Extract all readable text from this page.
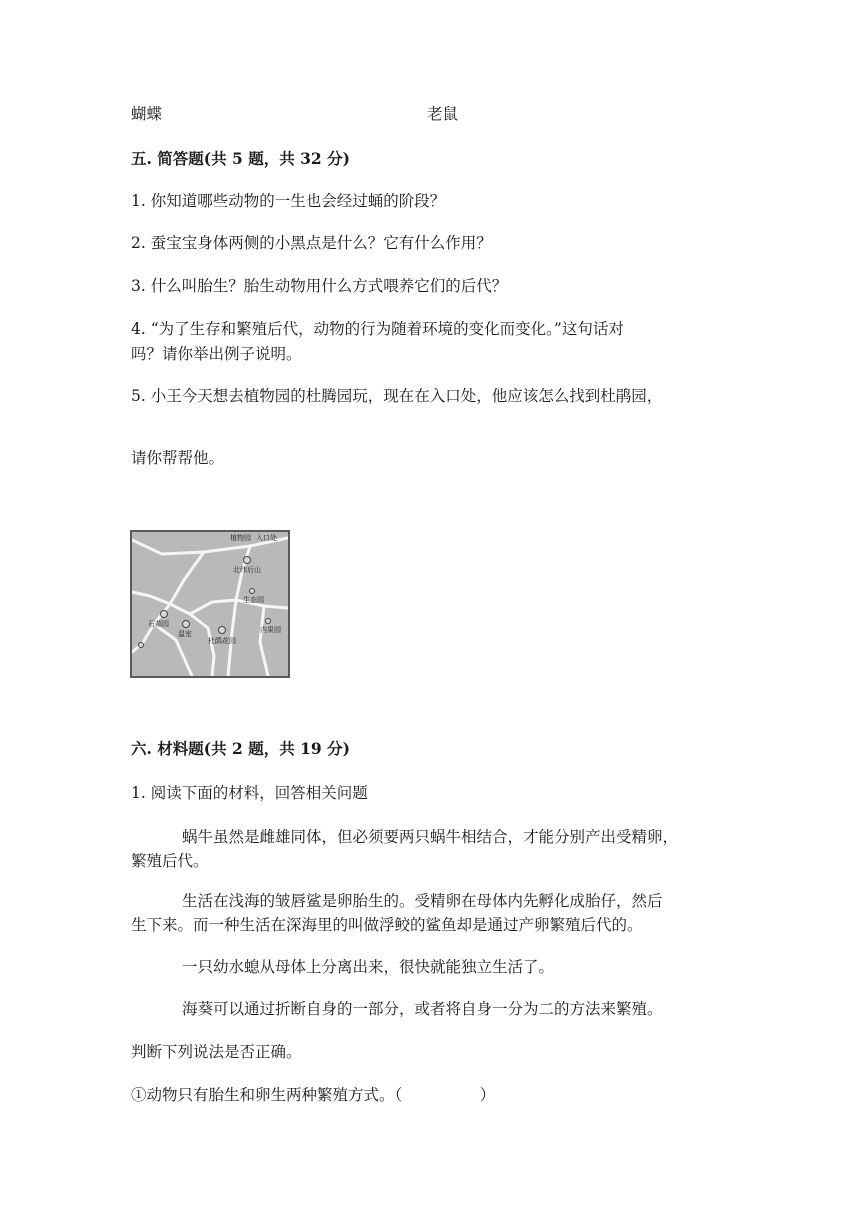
蝴蝶	老鼠
五. 简答题(共 5 题，共 32 分)
1. 你知道哪些动物的一生也会经过蛹的阶段？
2. 蚕宝宝身体两侧的小黑点是什么？它有什么作用？
3. 什么叫胎生？胎生动物用什么方式喂养它们的后代？
4. “为了生存和繁殖后代，动物的行为随着环境的变化而变化。”这句话对
吗？请你举出例子说明。
5. 小王今天想去植物园的杜腾园玩，现在在入口处，他应该怎么找到杜鹃园，
请你帮帮他。
植物园 入口处
北纬后山
生态园
石蒜园
温室
杜鹃花园
内果园
六. 材料题(共 2 题，共 19 分)
1. 阅读下面的材料，回答相关问题
蜗牛虽然是雌雄同体，但必须要两只蜗牛相结合，才能分别产出受精卵，
繁殖后代。
生活在浅海的皱唇鲨是卵胎生的。受精卵在母体内先孵化成胎仔，然后
生下来。而一种生活在深海里的叫做浮鲛的鲨鱼却是通过产卵繁殖后代的。
一只幼水螅从母体上分离出来，很快就能独立生活了。
海葵可以通过折断自身的一部分，或者将自身一分为二的方法来繁殖。
判断下列说法是否正确。
①动物只有胎生和卵生两种繁殖方式。（　　　　　）
